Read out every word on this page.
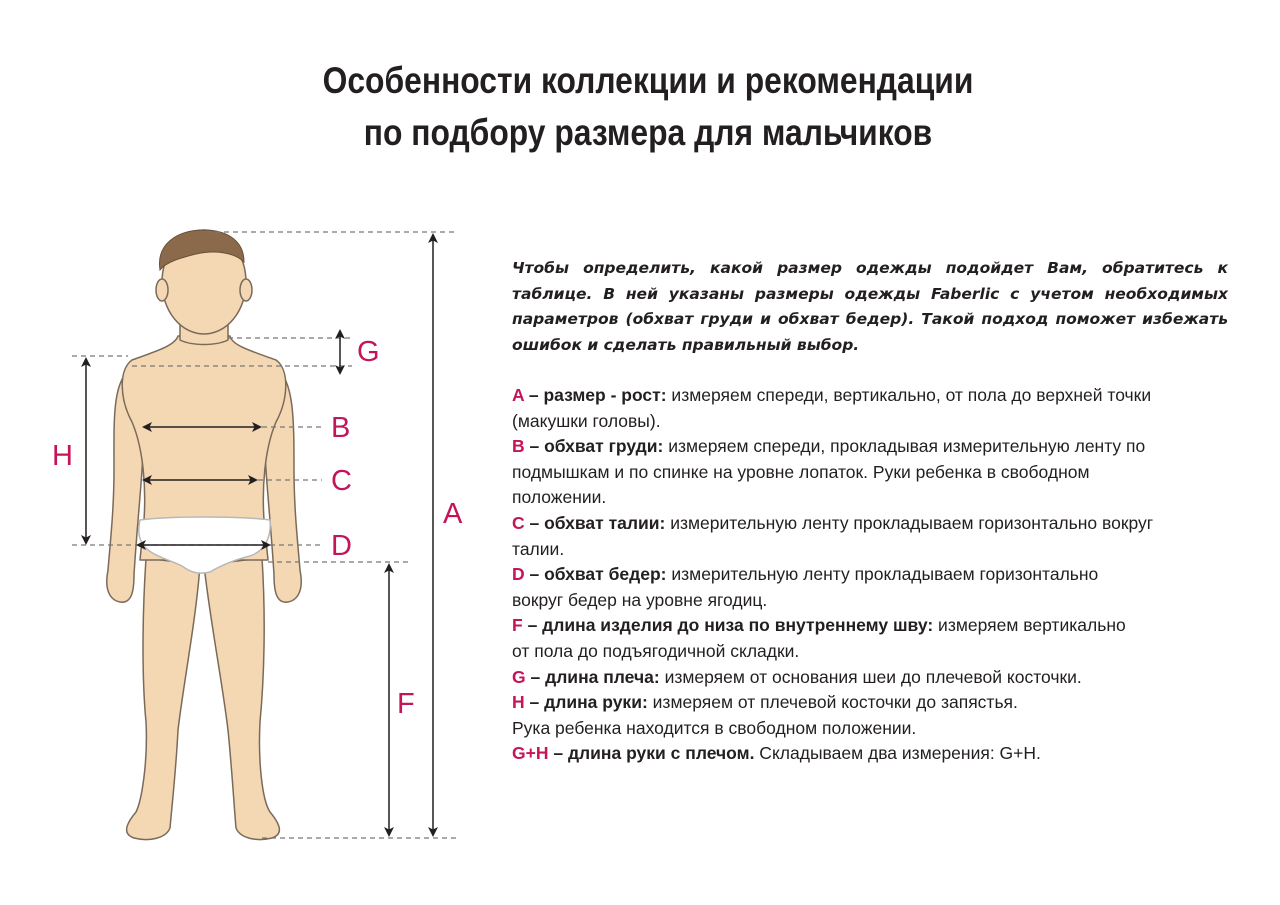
Особенности коллекции и рекомендации
по подбору размера для мальчиков
G
B
C
D
H
A
F
Чтобы определить, какой размер одежды подойдет Вам, обратитесь к таблице. В ней указаны размеры одежды Faberlic с учетом необходимых параметров (обхват груди и обхват бедер). Такой подход поможет избежать ошибок и сделать правильный выбор.
A – размер - рост: измеряем спереди, вертикально, от пола до верхней точки
(макушки головы).
B – обхват груди: измеряем спереди, прокладывая измерительную ленту по
подмышкам и по спинке на уровне лопаток. Руки ребенка в свободном
положении.
C – обхват талии: измерительную ленту прокладываем горизонтально вокруг
талии.
D – обхват бедер: измерительную ленту прокладываем горизонтально
вокруг бедер на уровне ягодиц.
F – длина изделия до низа по внутреннему шву: измеряем вертикально
от пола до подъягодичной складки.
G – длина плеча: измеряем от основания шеи до плечевой косточки.
H – длина руки: измеряем от плечевой косточки до запястья.
Рука ребенка находится в свободном положении.
G+H – длина руки с плечом. Складываем два измерения: G+H.
